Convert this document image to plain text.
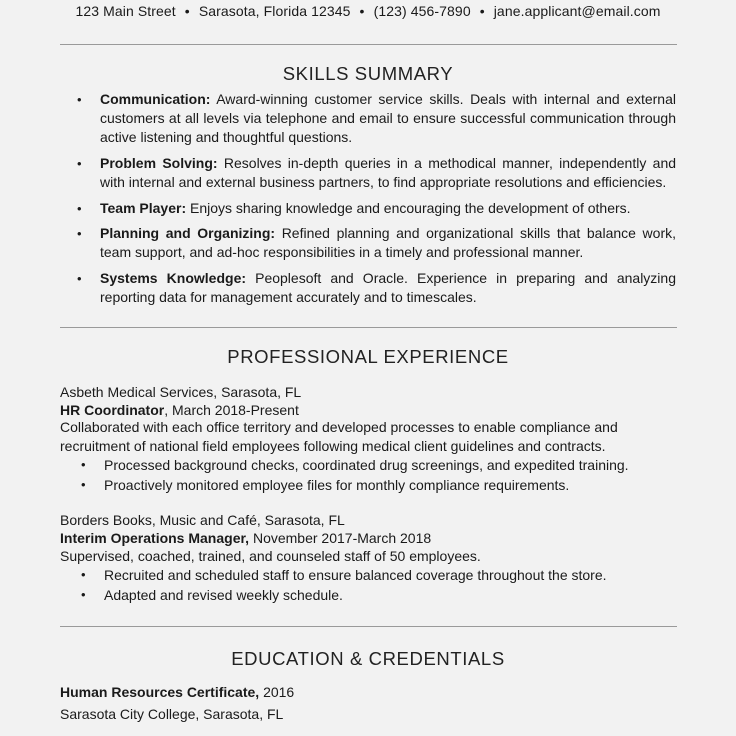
123 Main Street • Sarasota, Florida 12345 • (123) 456-7890 • jane.applicant@email.com
SKILLS SUMMARY
• Communication: Award-winning customer service skills. Deals with internal and external customers at all levels via telephone and email to ensure successful communication through active listening and thoughtful questions.
• Problem Solving: Resolves in-depth queries in a methodical manner, independently and with internal and external business partners, to find appropriate resolutions and efficiencies.
• Team Player: Enjoys sharing knowledge and encouraging the development of others.
• Planning and Organizing: Refined planning and organizational skills that balance work, team support, and ad-hoc responsibilities in a timely and professional manner.
• Systems Knowledge: Peoplesoft and Oracle. Experience in preparing and analyzing reporting data for management accurately and to timescales.
PROFESSIONAL EXPERIENCE
Asbeth Medical Services, Sarasota, FL
HR Coordinator, March 2018-Present
Collaborated with each office territory and developed processes to enable compliance and recruitment of national field employees following medical client guidelines and contracts.
• Processed background checks, coordinated drug screenings, and expedited training.
• Proactively monitored employee files for monthly compliance requirements.
Borders Books, Music and Café, Sarasota, FL
Interim Operations Manager, November 2017-March 2018
Supervised, coached, trained, and counseled staff of 50 employees.
• Recruited and scheduled staff to ensure balanced coverage throughout the store.
• Adapted and revised weekly schedule.
EDUCATION & CREDENTIALS
Human Resources Certificate, 2016
Sarasota City College, Sarasota, FL
